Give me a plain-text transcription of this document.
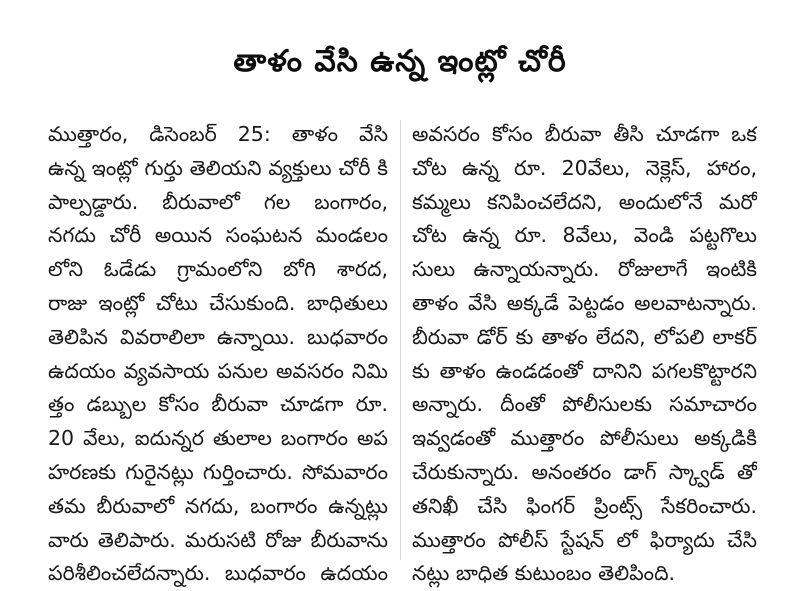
తాళం వేసి ఉన్న ఇంట్లో చోరీ
ముత్తారం, డిసెంబర్ 25: తాళం వేసి
ఉన్న ఇంట్లో గుర్తు తెలియని వ్యక్తులు చోరీ కి
పాల్పడ్డారు. బీరువాలో గల బంగారం,
నగదు చోరీ అయిన సంఘటన మండలం
లోని ఓడేడు గ్రామంలోని బోగి శారద,
రాజు ఇంట్లో చోటు చేసుకుంది. బాధితులు
తెలిపిన వివరాలిలా ఉన్నాయి. బుధవారం
ఉదయం వ్యవసాయ పనుల అవసరం నిమి
త్తం డబ్బుల కోసం బీరువా చూడగా రూ.
20 వేలు, ఐదున్నర తులాల బంగారం అప
హరణకు గురైనట్లు గుర్తించారు. సోమవారం
తమ బీరువాలో నగదు, బంగారం ఉన్నట్లు
వారు తెలిపారు. మరుసటి రోజు బీరువాను
పరిశీలించలేదన్నారు. బుధవారం ఉదయం
అవసరం కోసం బీరువా తీసి చూడగా ఒక
చోట ఉన్న రూ. 20వేలు, నెక్లెస్, హారం,
కమ్మలు కనిపించలేదని, అందులోనే మరో
చోట ఉన్న రూ. 8వేలు, వెండి పట్టగొలు
సులు ఉన్నాయన్నారు. రోజులాగే ఇంటికి
తాళం వేసి అక్కడే పెట్టడం అలవాటన్నారు.
బీరువా డోర్ కు తాళం లేదని, లోపలి లాకర్
కు తాళం ఉండడంతో దానిని పగలకొట్టారని
అన్నారు. దీంతో పోలీసులకు సమాచారం
ఇవ్వడంతో ముత్తారం పోలీసులు అక్కడికి
చేరుకున్నారు. అనంతరం డాగ్ స్క్వాడ్ తో
తనిఖీ చేసి ఫింగర్ ప్రింట్స్ సేకరించారు.
ముత్తారం పోలీస్ స్టేషన్ లో ఫిర్యాదు చేసి
నట్లు బాధిత కుటుంబం తెలిపింది.
